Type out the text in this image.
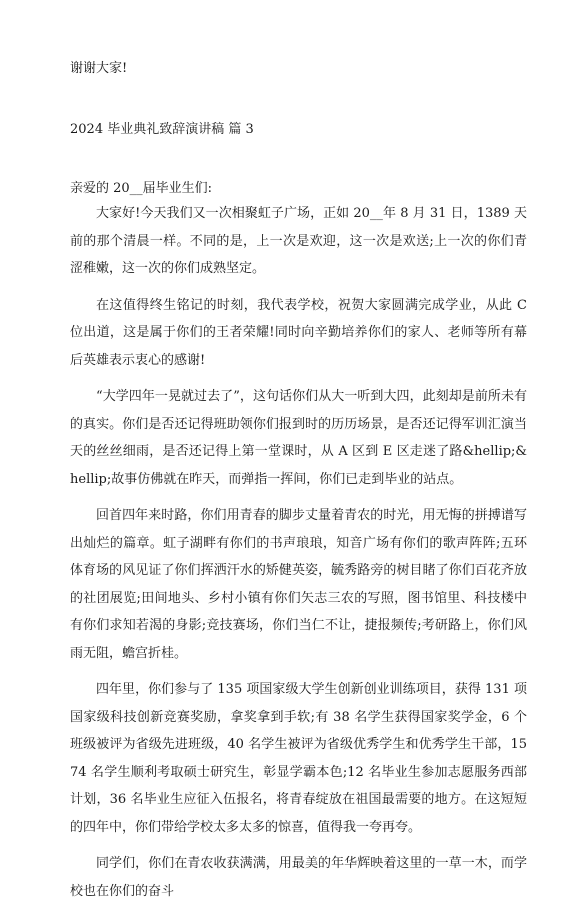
谢谢大家!
2024 毕业典礼致辞演讲稿 篇 3
亲爱的 20__届毕业生们:

大家好!今天我们又一次相聚虹子广场，正如 20__年 8 月 31 日，1389 天前的那个清晨一样。不同的是，上一次是欢迎，这一次是欢送;上一次的你们青涩稚嫩，这一次的你们成熟坚定。

在这值得终生铭记的时刻，我代表学校，祝贺大家圆满完成学业，从此 C 位出道，这是属于你们的王者荣耀!同时向辛勤培养你们的家人、老师等所有幕后英雄表示衷心的感谢!

“大学四年一晃就过去了”，这句话你们从大一听到大四，此刻却是前所未有的真实。你们是否还记得班助领你们报到时的历历场景，是否还记得军训汇演当天的丝丝细雨，是否还记得上第一堂课时，从 A 区到 E 区走迷了路&hellip;&hellip;故事仿佛就在昨天，而弹指一挥间，你们已走到毕业的站点。

回首四年来时路，你们用青春的脚步丈量着青农的时光，用无悔的拼搏谱写出灿烂的篇章。虹子湖畔有你们的书声琅琅，知音广场有你们的歌声阵阵;五环体育场的风见证了你们挥洒汗水的矫健英姿，毓秀路旁的树目睹了你们百花齐放的社团展览;田间地头、乡村小镇有你们矢志三农的写照，图书馆里、科技楼中有你们求知若渴的身影;竞技赛场，你们当仁不让，捷报频传;考研路上，你们风雨无阻，蟾宫折桂。

四年里，你们参与了 135 项国家级大学生创新创业训练项目，获得 131 项国家级科技创新竞赛奖励，拿奖拿到手软;有 38 名学生获得国家奖学金，6 个班级被评为省级先进班级，40 名学生被评为省级优秀学生和优秀学生干部，1574 名学生顺利考取硕士研究生，彰显学霸本色;12 名毕业生参加志愿服务西部计划，36 名毕业生应征入伍报名，将青春绽放在祖国最需要的地方。在这短短的四年中，你们带给学校太多太多的惊喜，值得我一夸再夸。

同学们，你们在青农收获满满，用最美的年华辉映着这里的一草一木，而学校也在你们的奋斗
